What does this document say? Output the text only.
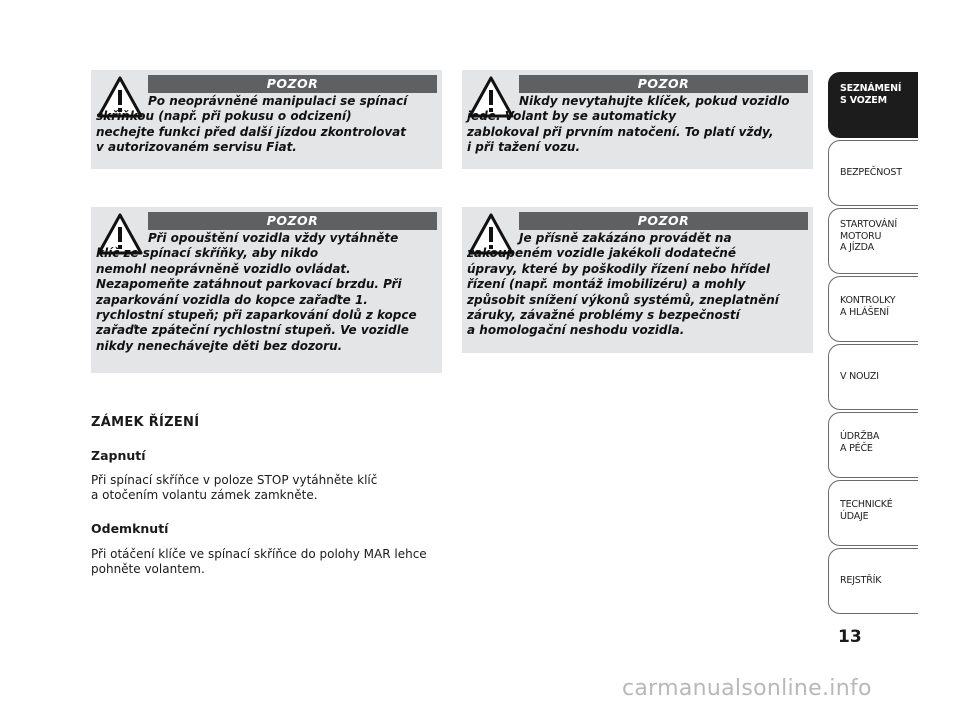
POZOR
Po neoprávněné manipulaci se spínací
skříňkou (např. při pokusu o odcizení)
nechejte funkci před další jízdou zkontrolovat
v autorizovaném servisu Fiat.
POZOR
Nikdy nevytahujte klíček, pokud vozidlo
jede. Volant by se automaticky
zablokoval při prvním natočení. To platí vždy,
i při tažení vozu.
POZOR
Při opouštění vozidla vždy vytáhněte
klíč ze spínací skříňky, aby nikdo
nemohl neoprávněně vozidlo ovládat.
Nezapomeňte zatáhnout parkovací brzdu. Při
zaparkování vozidla do kopce zařaďte 1.
rychlostní stupeň; při zaparkování dolů z kopce
zařaďte zpáteční rychlostní stupeň. Ve vozidle
nikdy nenechávejte děti bez dozoru.
POZOR
Je přísně zakázáno provádět na
zakoupeném vozidle jakékoli dodatečné
úpravy, které by poškodily řízení nebo hřídel
řízení (např. montáž imobilizéru) a mohly
způsobit snížení výkonů systémů, zneplatnění
záruky, závažné problémy s bezpečností
a homologační neshodu vozidla.
ZÁMEK ŘÍZENÍ
Zapnutí
Při spínací skříňce v poloze STOP vytáhněte klíč
a otočením volantu zámek zamkněte.
Odemknutí
Při otáčení klíče ve spínací skříňce do polohy MAR lehce
pohněte volantem.
SEZNÁMENÍ
S VOZEM
BEZPEČNOST
STARTOVÁNÍ
MOTORU
A JÍZDA
KONTROLKY
A HLÁŠENÍ
V NOUZI
ÚDRŽBA
A PÉČE
TECHNICKÉ
ÚDAJE
REJSTŘÍK
13
carmanualsonline.info
